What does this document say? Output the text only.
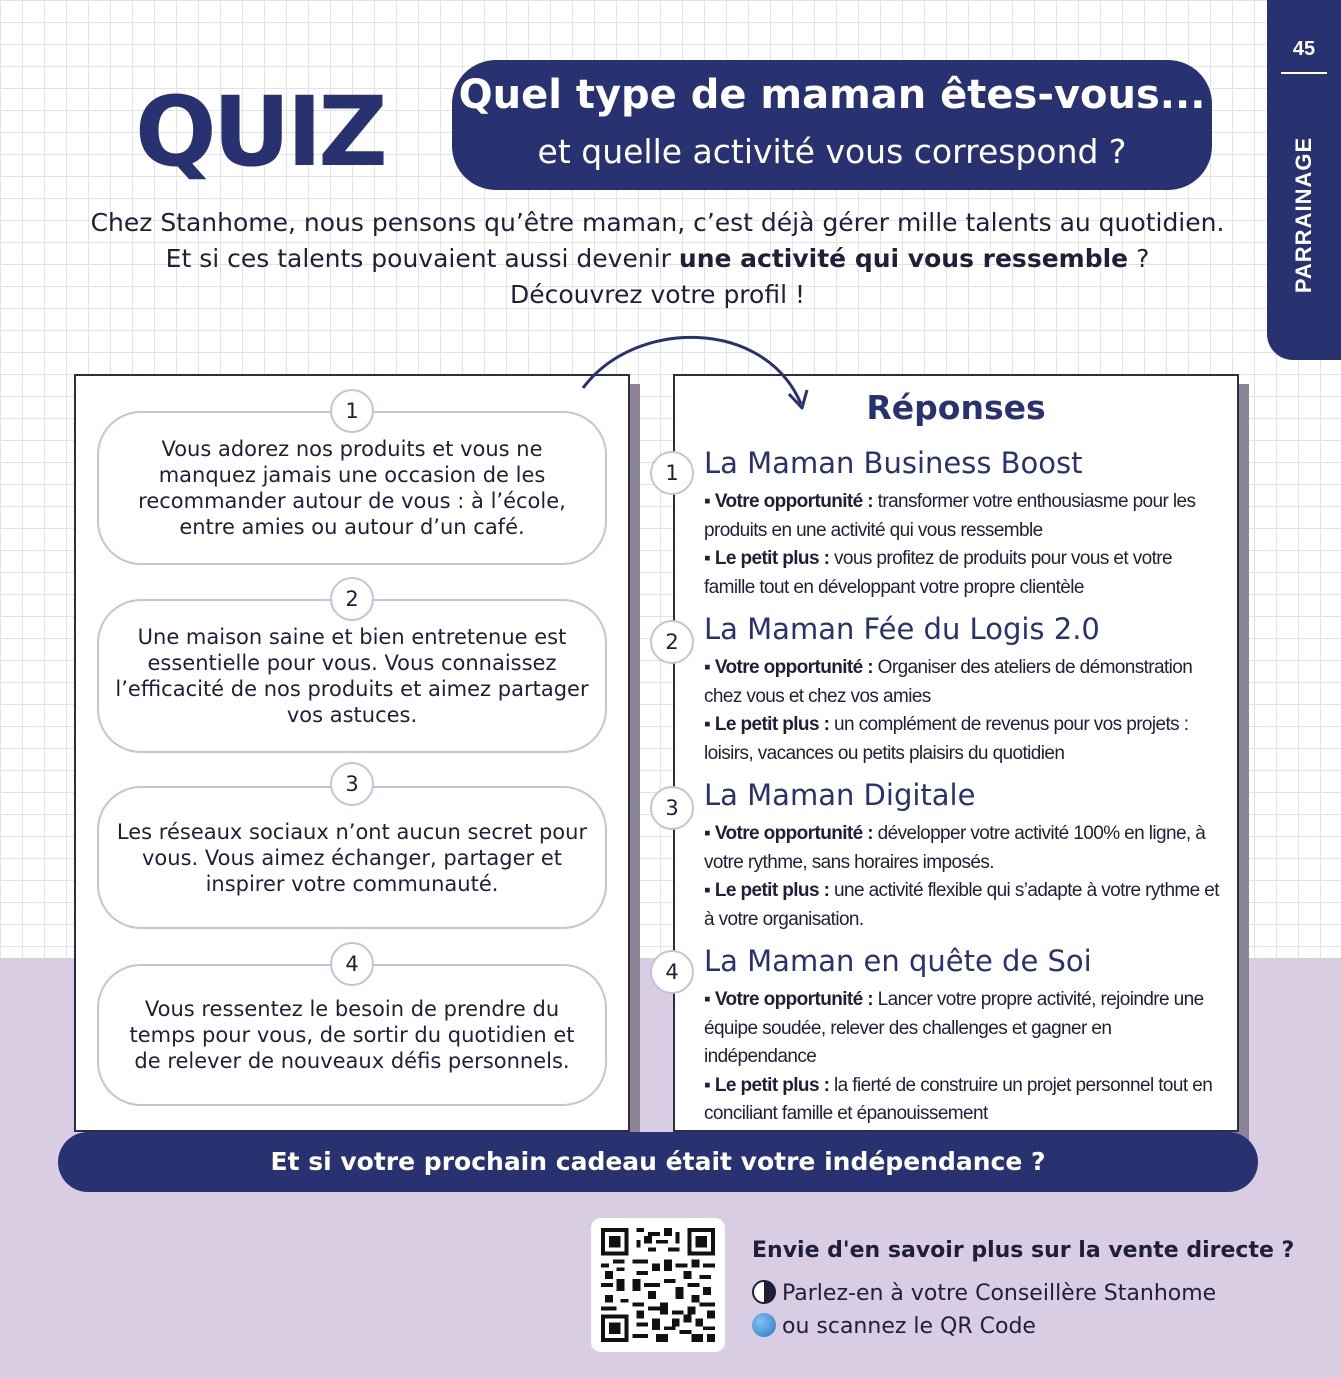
45
PARRAINAGE
QUIZ Quel type de maman êtes-vous...
et quelle activité vous correspond ?
Chez Stanhome, nous pensons qu’être maman, c’est déjà gérer mille talents au quotidien.
Et si ces talents pouvaient aussi devenir une activité qui vous ressemble ?
Découvrez votre profil !
Vous adorez nos produits et vous ne manquez jamais une occasion de les recommander autour de vous : à l’école, entre amies ou autour d’un café.
1
Une maison saine et bien entretenue est essentielle pour vous. Vous connaissez l’efficacité de nos produits et aimez partager vos astuces.
2
Les réseaux sociaux n’ont aucun secret pour vous. Vous aimez échanger, partager et inspirer votre communauté.
3
Vous ressentez le besoin de prendre du temps pour vous, de sortir du quotidien et de relever de nouveaux défis personnels.
4
Réponses
1 La Maman Business Boost
▪ Votre opportunité : transformer votre enthousiasme pour les produits en une activité qui vous ressemble
▪ Le petit plus : vous profitez de produits pour vous et votre famille tout en développant votre propre clientèle
2 La Maman Fée du Logis 2.0
▪ Votre opportunité : Organiser des ateliers de démonstration chez vous et chez vos amies
▪ Le petit plus : un complément de revenus pour vos projets : loisirs, vacances ou petits plaisirs du quotidien
3 La Maman Digitale
▪ Votre opportunité : développer votre activité 100% en ligne, à votre rythme, sans horaires imposés.
▪ Le petit plus : une activité flexible qui s’adapte à votre rythme et à votre organisation.
4 La Maman en quête de Soi
▪ Votre opportunité : Lancer votre propre activité, rejoindre une équipe soudée, relever des challenges et gagner en indépendance
▪ Le petit plus : la fierté de construire un projet personnel tout en conciliant famille et épanouissement
Et si votre prochain cadeau était votre indépendance ?
Envie d'en savoir plus sur la vente directe ?
Parlez-en à votre Conseillère Stanhome
ou scannez le QR Code
